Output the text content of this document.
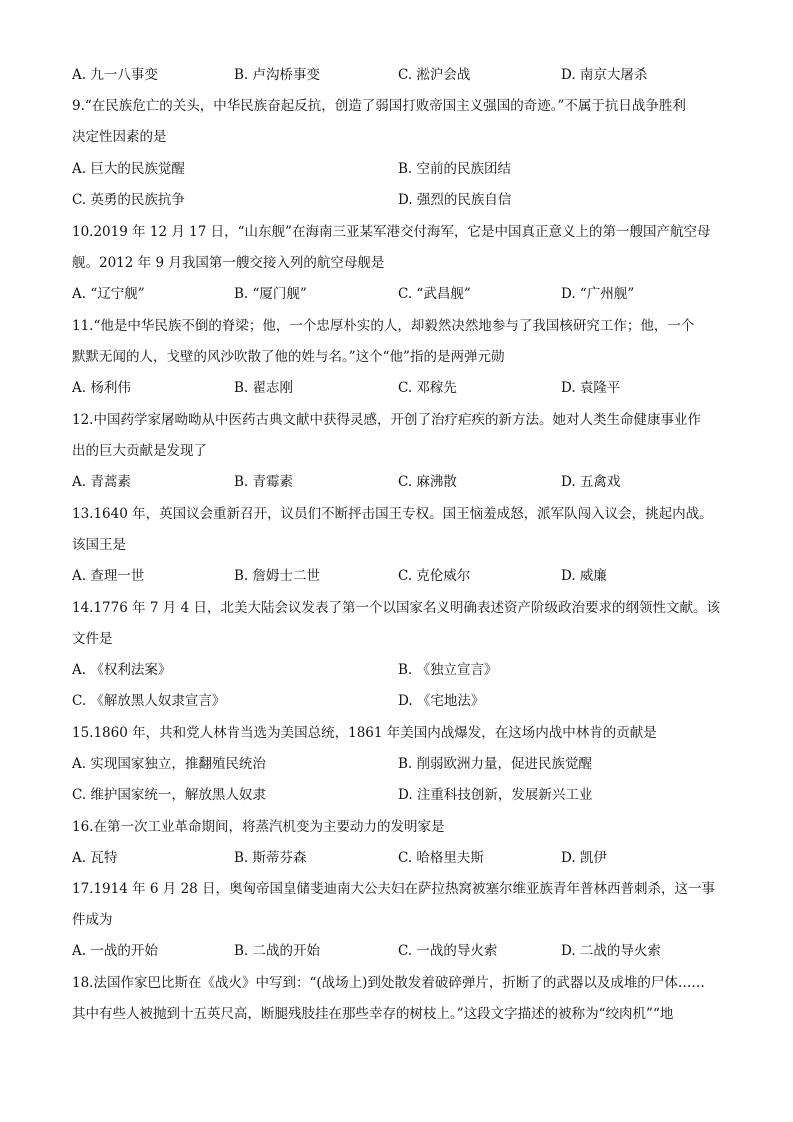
A. 九一八事变	B. 卢沟桥事变	C. 淞沪会战	D. 南京大屠杀
9.“在民族危亡的关头，中华民族奋起反抗，创造了弱国打败帝国主义强国的奇迹。”不属于抗日战争胜利
决定性因素的是
A. 巨大的民族觉醒	B. 空前的民族团结
C. 英勇的民族抗争	D. 强烈的民族自信
10.2019 年 12 月 17 日，“山东舰”在海南三亚某军港交付海军，它是中国真正意义上的第一艘国产航空母
舰。2012 年 9 月我国第一艘交接入列的航空母舰是
A. “辽宁舰”	B. “厦门舰”	C. “武昌舰”	D. “广州舰”
11.“他是中华民族不倒的脊梁；他，一个忠厚朴实的人，却毅然决然地参与了我国核研究工作；他，一个
默默无闻的人，戈壁的风沙吹散了他的姓与名。”这个“他”指的是两弹元勋
A. 杨利伟	B. 翟志刚	C. 邓稼先	D. 袁隆平
12.中国药学家屠呦呦从中医药古典文献中获得灵感，开创了治疗疟疾的新方法。她对人类生命健康事业作
出的巨大贡献是发现了
A. 青蒿素	B. 青霉素	C. 麻沸散	D. 五禽戏
13.1640 年，英国议会重新召开，议员们不断抨击国王专权。国王恼羞成怒，派军队闯入议会，挑起内战。
该国王是
A. 查理一世	B. 詹姆士二世	C. 克伦威尔	D. 威廉
14.1776 年 7 月 4 日，北美大陆会议发表了第一个以国家名义明确表述资产阶级政治要求的纲领性文献。该
文件是
A. 《权利法案》	B. 《独立宣言》
C. 《解放黑人奴隶宣言》	D. 《宅地法》
15.1860 年，共和党人林肯当选为美国总统，1861 年美国内战爆发，在这场内战中林肯的贡献是
A. 实现国家独立，推翻殖民统治	B. 削弱欧洲力量，促进民族觉醒
C. 维护国家统一，解放黑人奴隶	D. 注重科技创新，发展新兴工业
16.在第一次工业革命期间，将蒸汽机变为主要动力的发明家是
A. 瓦特	B. 斯蒂芬森	C. 哈格里夫斯	D. 凯伊
17.1914 年 6 月 28 日，奥匈帝国皇储斐迪南大公夫妇在萨拉热窝被塞尔维亚族青年普林西普刺杀，这一事
件成为
A. 一战的开始	B. 二战的开始	C. 一战的导火索	D. 二战的导火索
18.法国作家巴比斯在《战火》中写到：“(战场上)到处散发着破碎弹片，折断了的武器以及成堆的尸体……
其中有些人被抛到十五英尺高，断腿残肢挂在那些幸存的树枝上。”这段文字描述的被称为“绞肉机”“地
